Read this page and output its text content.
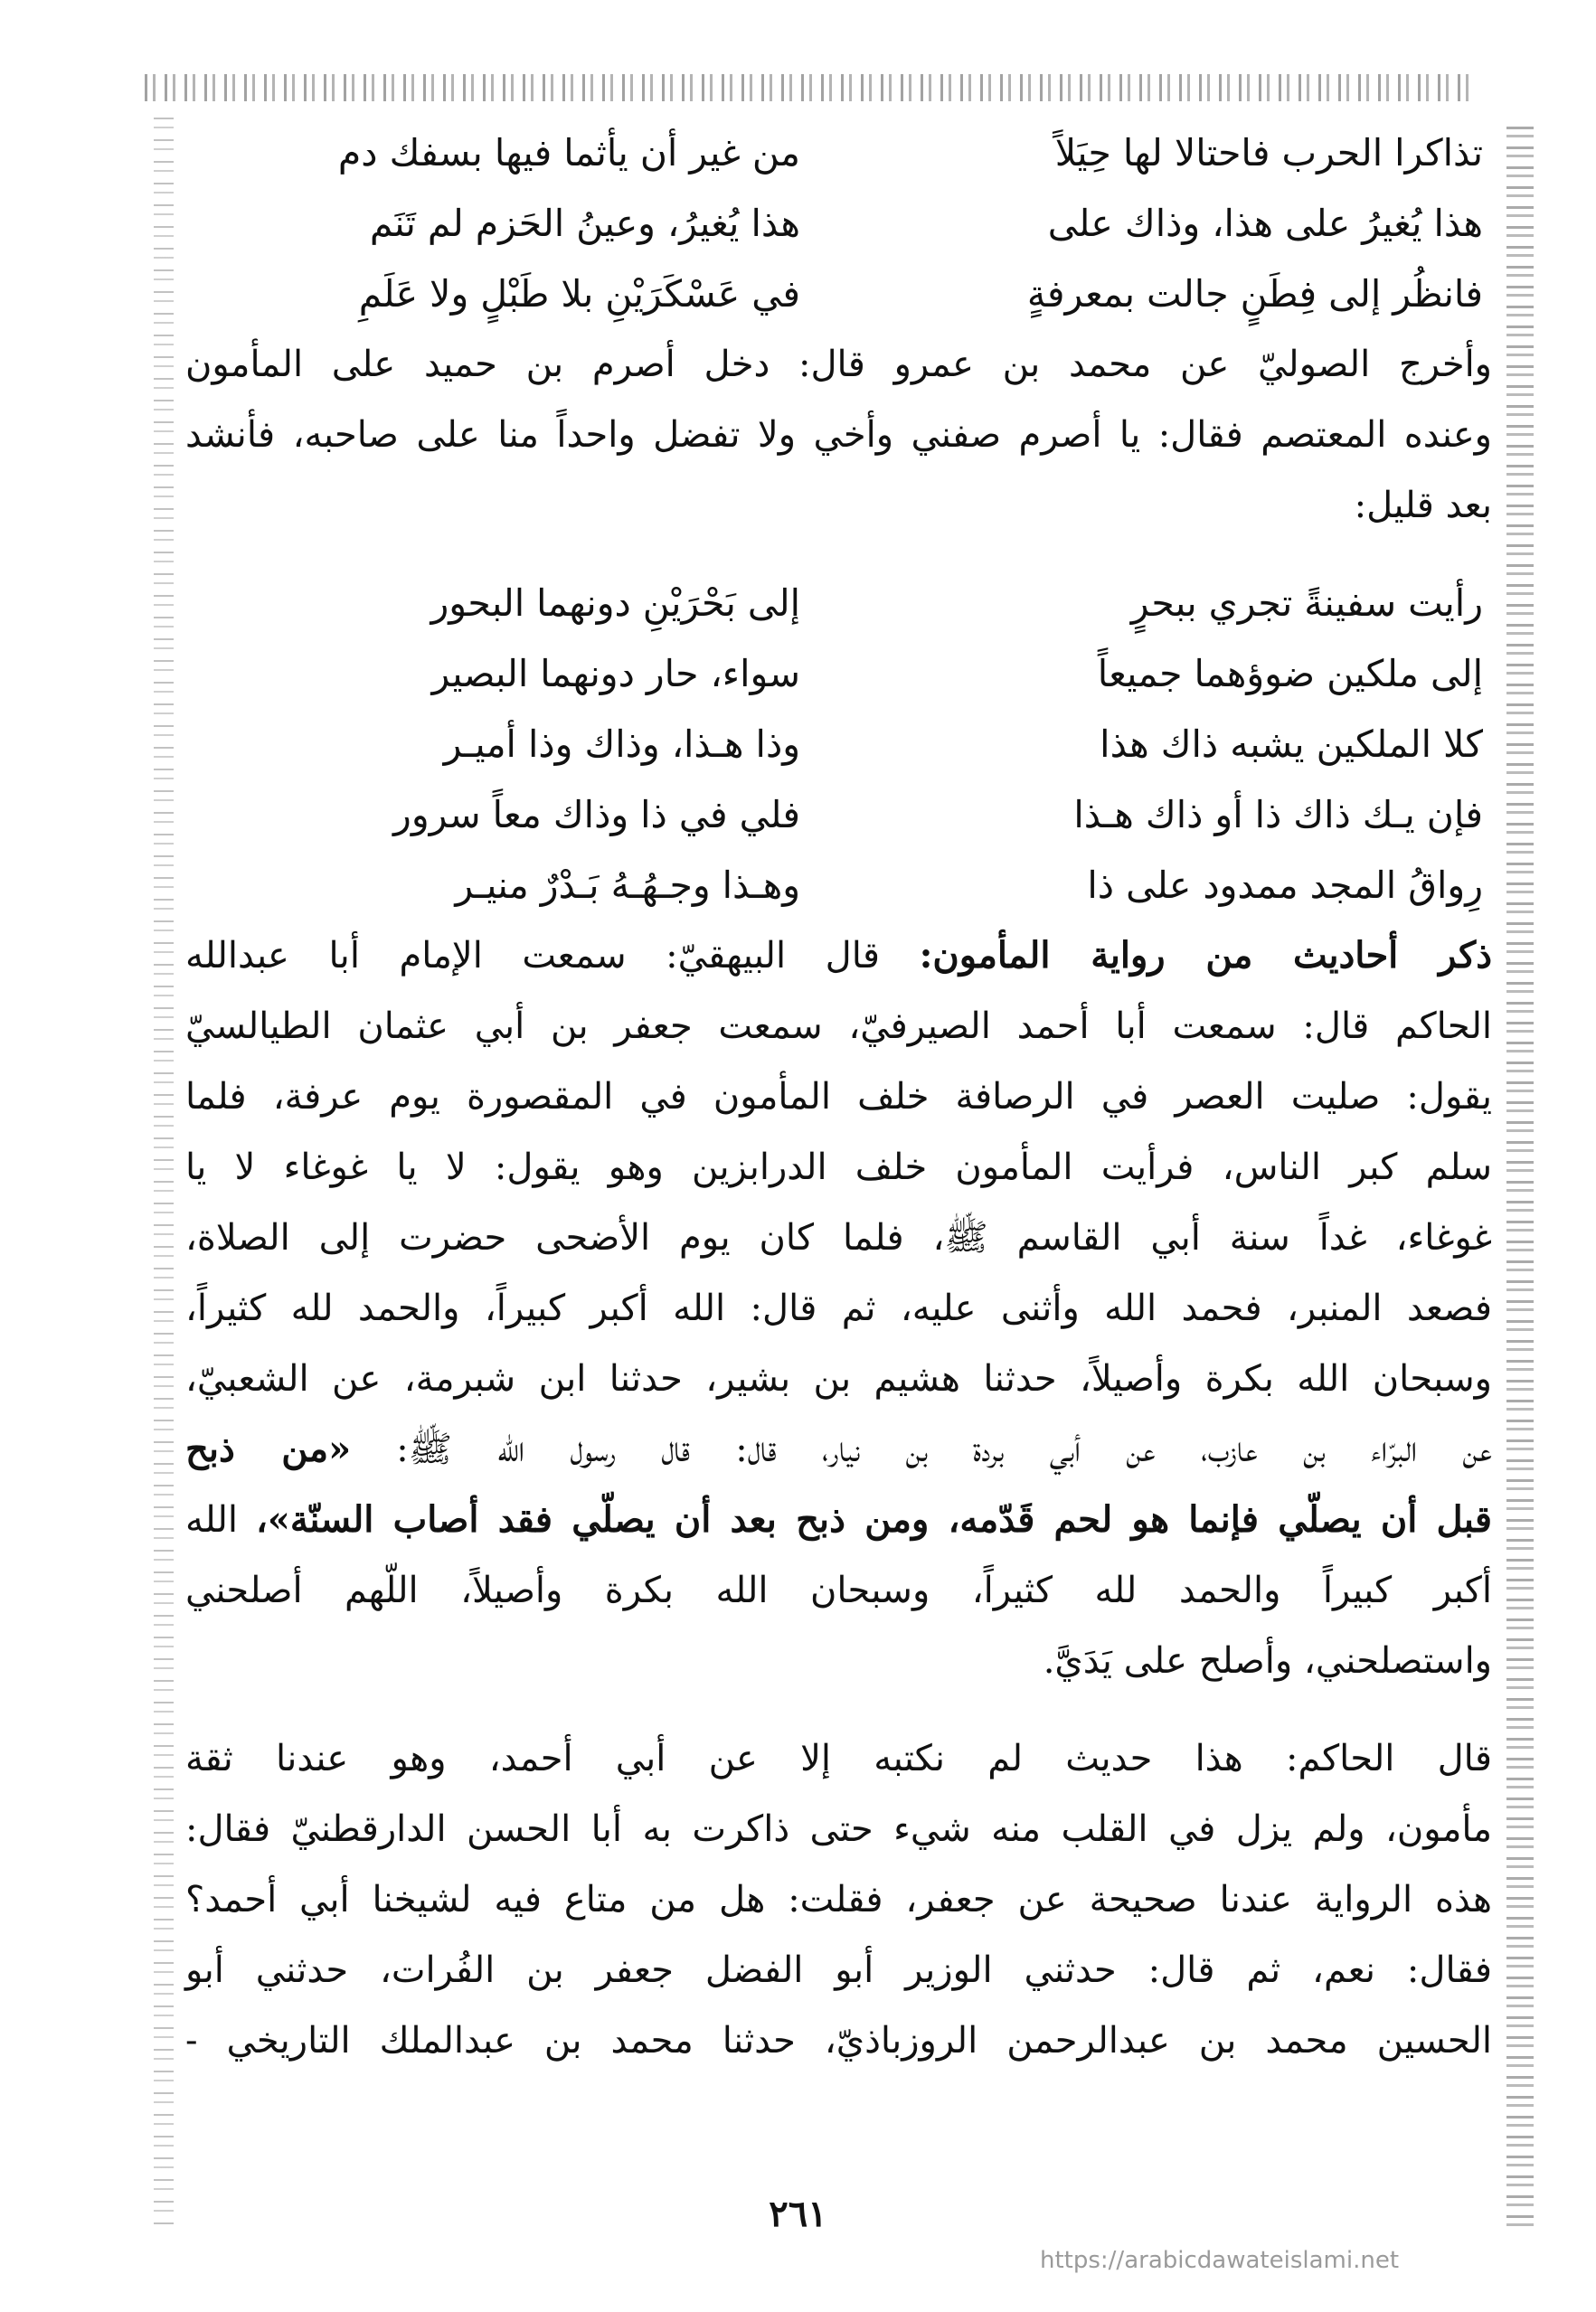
تذاكرا الحرب فاحتالا لها حِيَلاً
من غير أن يأثما فيها بسفك دم
هذا يُغيرُ على هذا، وذاك على
هذا يُغيرُ، وعينُ الحَزم لم تَنَم
فانظُر إلى فِطَنٍ جالت بمعرفةٍ
في عَسْكَرَيْنِ بلا طَبْلٍ ولا عَلَمِ
وأخرج الصوليّ عن محمد بن عمرو قال: دخل أصرم بن حميد على المأمون
وعنده المعتصم فقال: يا أصرم صفني وأخي ولا تفضل واحداً منا على صاحبه، فأنشد
بعد قليل:
رأيت سفينةً تجري ببحرٍ
إلى بَحْرَيْنِ دونهما البحور
إلى ملكين ضوؤهما جميعاً
سواء، حار دونهما البصير
كلا الملكين يشبه ذاك هذا
وذا هـذا، وذاك وذا أميـر
فإن يـك ذاك ذا أو ذاك هـذا
فلي في ذا وذاك معاً سرور
رِواقُ المجد ممدود على ذا
وهـذا وجـهُـهُ بَـدْرٌ منيـر
ذكر أحاديث من رواية المأمون: قال البيهقيّ: سمعت الإمام أبا عبدالله
الحاكم قال: سمعت أبا أحمد الصيرفيّ، سمعت جعفر بن أبي عثمان الطيالسيّ
يقول: صليت العصر في الرصافة خلف المأمون في المقصورة يوم عرفة، فلما
سلم كبر الناس، فرأيت المأمون خلف الدرابزين وهو يقول: لا يا غوغاء لا يا
غوغاء، غداً سنة أبي القاسم ﷺ، فلما كان يوم الأضحى حضرت إلى الصلاة،
فصعد المنبر، فحمد الله وأثنى عليه، ثم قال: الله أكبر كبيراً، والحمد لله كثيراً،
وسبحان الله بكرة وأصيلاً، حدثنا هشيم بن بشير، حدثنا ابن شبرمة، عن الشعبيّ،
عن البرّاء بن عازب، عن أبي بردة بن نيار، قال: قال رسول الله ﷺ: «من ذبح
قبل أن يصلّي فإنما هو لحم قَدّمه، ومن ذبح بعد أن يصلّي فقد أصاب السنّة»، الله
أكبر كبيراً والحمد لله كثيراً، وسبحان الله بكرة وأصيلاً، اللّهم أصلحني
واستصلحني، وأصلح على يَدَيَّ.
قال الحاكم: هذا حديث لم نكتبه إلا عن أبي أحمد، وهو عندنا ثقة
مأمون، ولم يزل في القلب منه شيء حتى ذاكرت به أبا الحسن الدارقطنيّ فقال:
هذه الرواية عندنا صحيحة عن جعفر، فقلت: هل من متاع فيه لشيخنا أبي أحمد؟
فقال: نعم، ثم قال: حدثني الوزير أبو الفضل جعفر بن الفُرات، حدثني أبو
الحسين محمد بن عبدالرحمن الروزباذيّ، حدثنا محمد بن عبدالملك التاريخي -
٢٦١
https://arabicdawateislami.net
